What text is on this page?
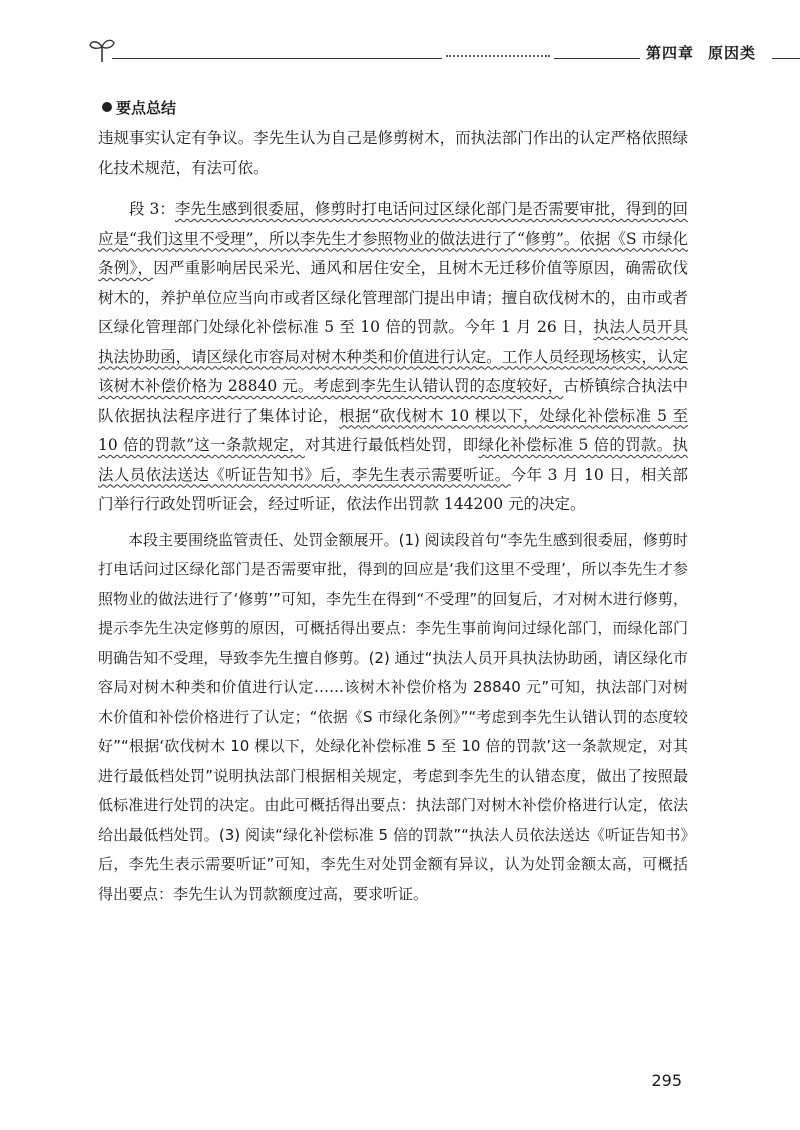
第四章 原因类
要点总结

违规事实认定有争议。李先生认为自己是修剪树木，而执法部门作出的认定严格依照绿化技术规范，有法可依。

段 3：李先生感到很委屈，修剪时打电话问过区绿化部门是否需要审批，得到的回应是“我们这里不受理”，所以李先生才参照物业的做法进行了“修剪”。依据《S 市绿化条例》，因严重影响居民采光、通风和居住安全，且树木无迁移价值等原因，确需砍伐树木的，养护单位应当向市或者区绿化管理部门提出申请；擅自砍伐树木的，由市或者区绿化管理部门处绿化补偿标准 5 至 10 倍的罚款。今年 1 月 26 日，执法人员开具执法协助函，请区绿化市容局对树木种类和价值进行认定。工作人员经现场核实，认定该树木补偿价格为 28840 元。考虑到李先生认错认罚的态度较好，古桥镇综合执法中队依据执法程序进行了集体讨论，根据“砍伐树木 10 棵以下，处绿化补偿标准 5 至 10 倍的罚款”这一条款规定，对其进行最低档处罚，即绿化补偿标准 5 倍的罚款。执法人员依法送达《听证告知书》后，李先生表示需要听证。今年 3 月 10 日，相关部门举行行政处罚听证会，经过听证，依法作出罚款 144200 元的决定。

本段主要围绕监管责任、处罚金额展开。(1) 阅读段首句“李先生感到很委屈，修剪时打电话问过区绿化部门是否需要审批，得到的回应是‘我们这里不受理’，所以李先生才参照物业的做法进行了‘修剪’”可知，李先生在得到“不受理”的回复后，才对树木进行修剪，提示李先生决定修剪的原因，可概括得出要点：李先生事前询问过绿化部门，而绿化部门明确告知不受理，导致李先生擅自修剪。(2) 通过“执法人员开具执法协助函，请区绿化市容局对树木种类和价值进行认定……该树木补偿价格为 28840 元”可知，执法部门对树木价值和补偿价格进行了认定；“依据《S 市绿化条例》”“考虑到李先生认错认罚的态度较好”“根据‘砍伐树木 10 棵以下，处绿化补偿标准 5 至 10 倍的罚款’这一条款规定，对其进行最低档处罚”说明执法部门根据相关规定，考虑到李先生的认错态度，做出了按照最低标准进行处罚的决定。由此可概括得出要点：执法部门对树木补偿价格进行认定，依法给出最低档处罚。(3) 阅读“绿化补偿标准 5 倍的罚款”“执法人员依法送达《听证告知书》后，李先生表示需要听证”可知，李先生对处罚金额有异议，认为处罚金额太高，可概括得出要点：李先生认为罚款额度过高，要求听证。

295
